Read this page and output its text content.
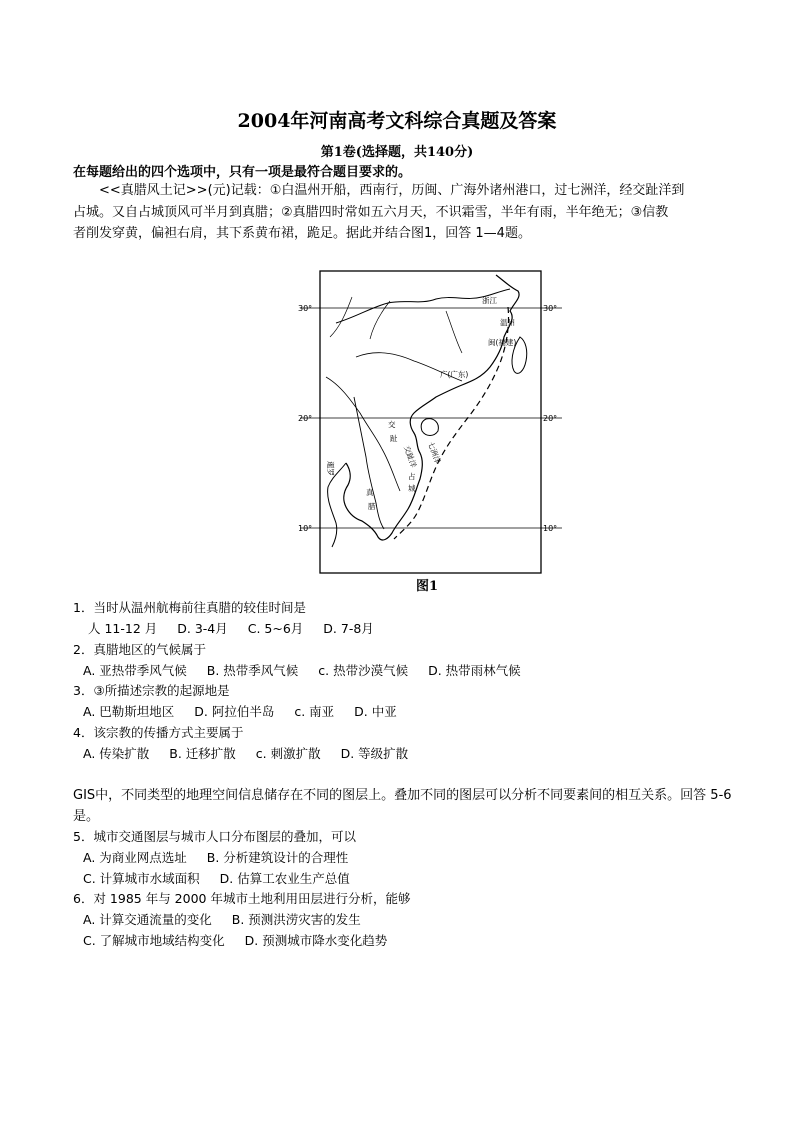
2004年河南高考文科综合真题及答案
第1卷(选择题，共140分)
在每题给出的四个选项中，只有一项是最符合题目要求的。

<<真腊风土记>>(元)记载：①白温州开船，西南行，历闽、广海外诸州港口，过七洲洋，经交趾洋到

占城。又自占城顶风可半月到真腊；②真腊四时常如五六月天，不识霜雪，半年有雨，半年绝无；③信教

者削发穿黄，偏袒右肩，其下系黄布裙，跪足。据此并结合图1，回答 1—4题。

30°	30°
20°	20°
10°	10°
浙江
温州
闽(福建)
广(广东)
交
趾
交趾洋 七洲洋
占
城
暹罗
真
腊
图1
1．当时从温州航梅前往真腊的较佳时间是
人 11-12 月 D. 3-4月 C. 5~6月 D. 7-8月
2．真腊地区的气候属于
A. 亚热带季风气候 B. 热带季风气候 c. 热带沙漠气候 D. 热带雨林气候
3．③所描述宗教的起源地是
A. 巴勒斯坦地区 D. 阿拉伯半岛 c. 南亚 D. 中亚
4．该宗教的传播方式主要属于
A. 传染扩散 B. 迁移扩散 c. 刺激扩散 D. 等级扩散
GIS中，不同类型的地理空间信息储存在不同的图层上。叠加不同的图层可以分析不同要素间的相互关系。回答 5-6 是。
5．城市交通图层与城市人口分布图层的叠加，可以
A. 为商业网点选址 B. 分析建筑设计的合理性
C. 计算城市水域面积 D. 估算工农业生产总值
6．对 1985 年与 2000 年城市土地利用田层进行分析，能够
A. 计算交通流量的变化 B. 预测洪涝灾害的发生
C. 了解城市地域结构变化 D. 预测城市降水变化趋势
